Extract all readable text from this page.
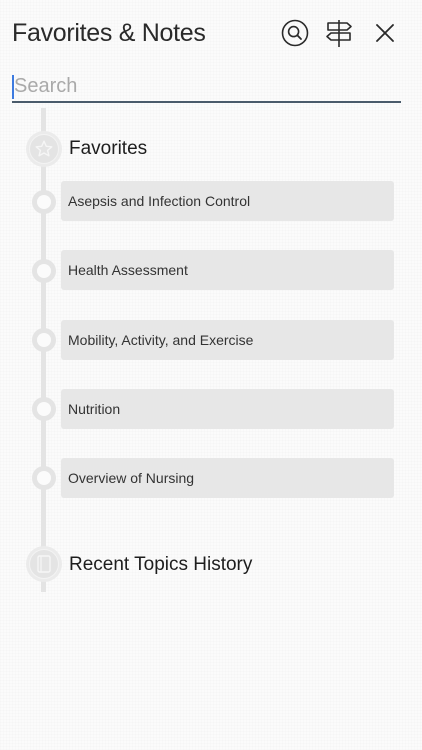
Favorites & Notes
Search
Favorites
Asepsis and Infection Control
Health Assessment
Mobility, Activity, and Exercise
Nutrition
Overview of Nursing
Recent Topics History
